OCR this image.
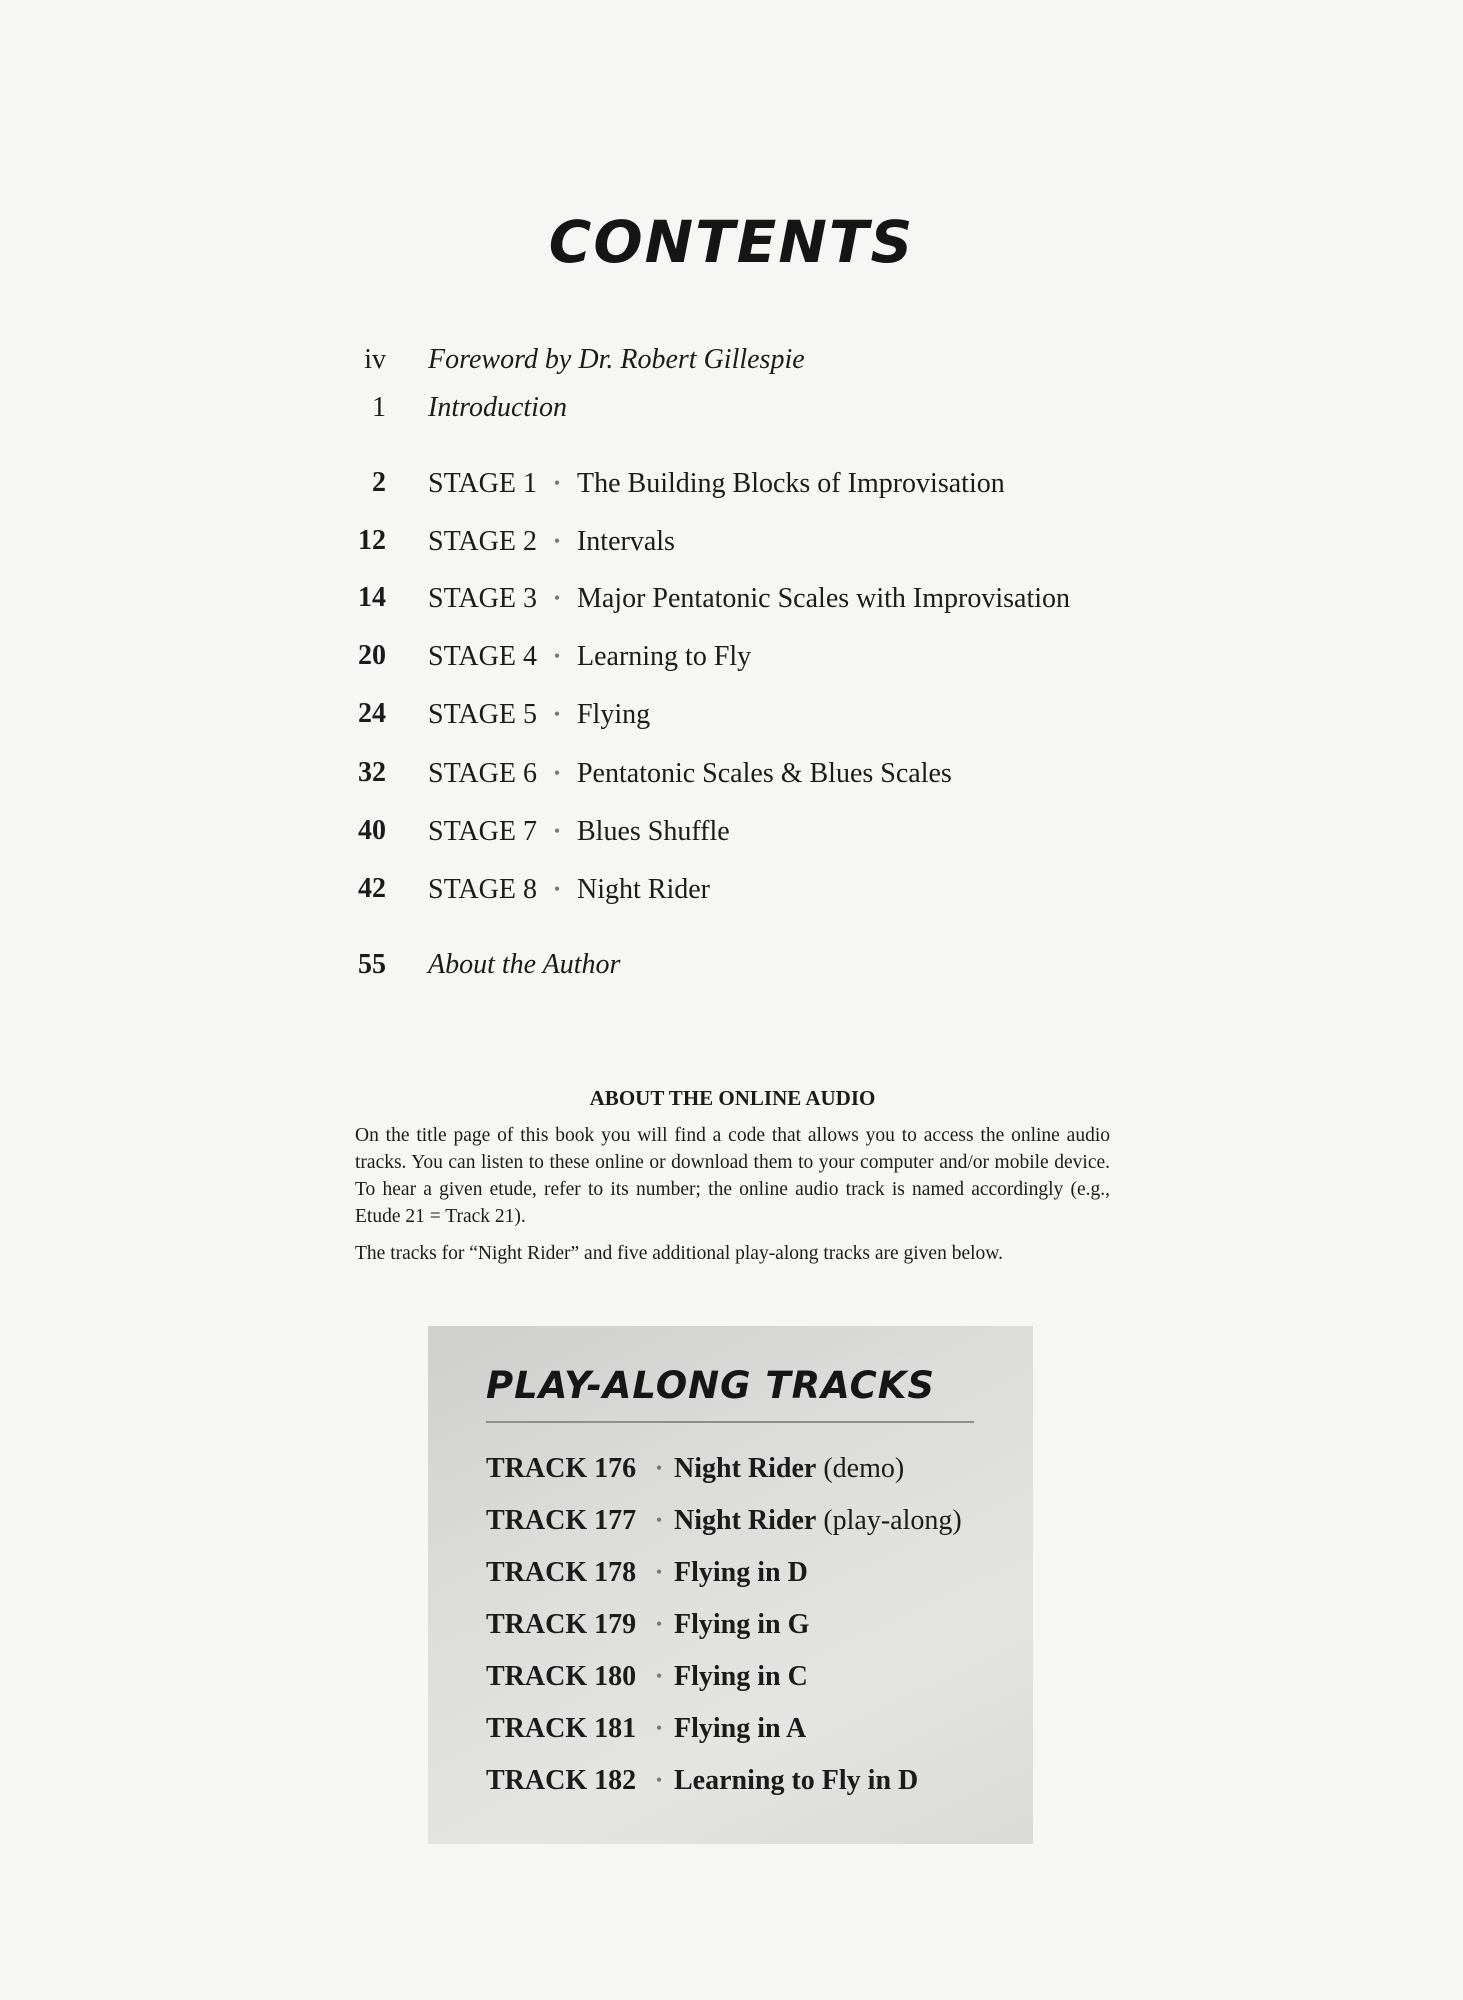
CONTENTS
iv Foreword by Dr. Robert Gillespie
1 Introduction
2 STAGE 1 • The Building Blocks of Improvisation
12 STAGE 2 • Intervals
14 STAGE 3 • Major Pentatonic Scales with Improvisation
20 STAGE 4 • Learning to Fly
24 STAGE 5 • Flying
32 STAGE 6 • Pentatonic Scales & Blues Scales
40 STAGE 7 • Blues Shuffle
42 STAGE 8 • Night Rider
55 About the Author
ABOUT THE ONLINE AUDIO

On the title page of this book you will find a code that allows you to access the online audio tracks. You can listen to these online or download them to your computer and/or mobile device. To hear a given etude, refer to its number; the online audio track is named accordingly (e.g., Etude 21 = Track 21).

The tracks for “Night Rider” and five additional play-along tracks are given below.

PLAY-ALONG TRACKS
TRACK 176 • Night Rider (demo)
TRACK 177 • Night Rider (play-along)
TRACK 178 • Flying in D
TRACK 179 • Flying in G
TRACK 180 • Flying in C
TRACK 181 • Flying in A
TRACK 182 • Learning to Fly in D
